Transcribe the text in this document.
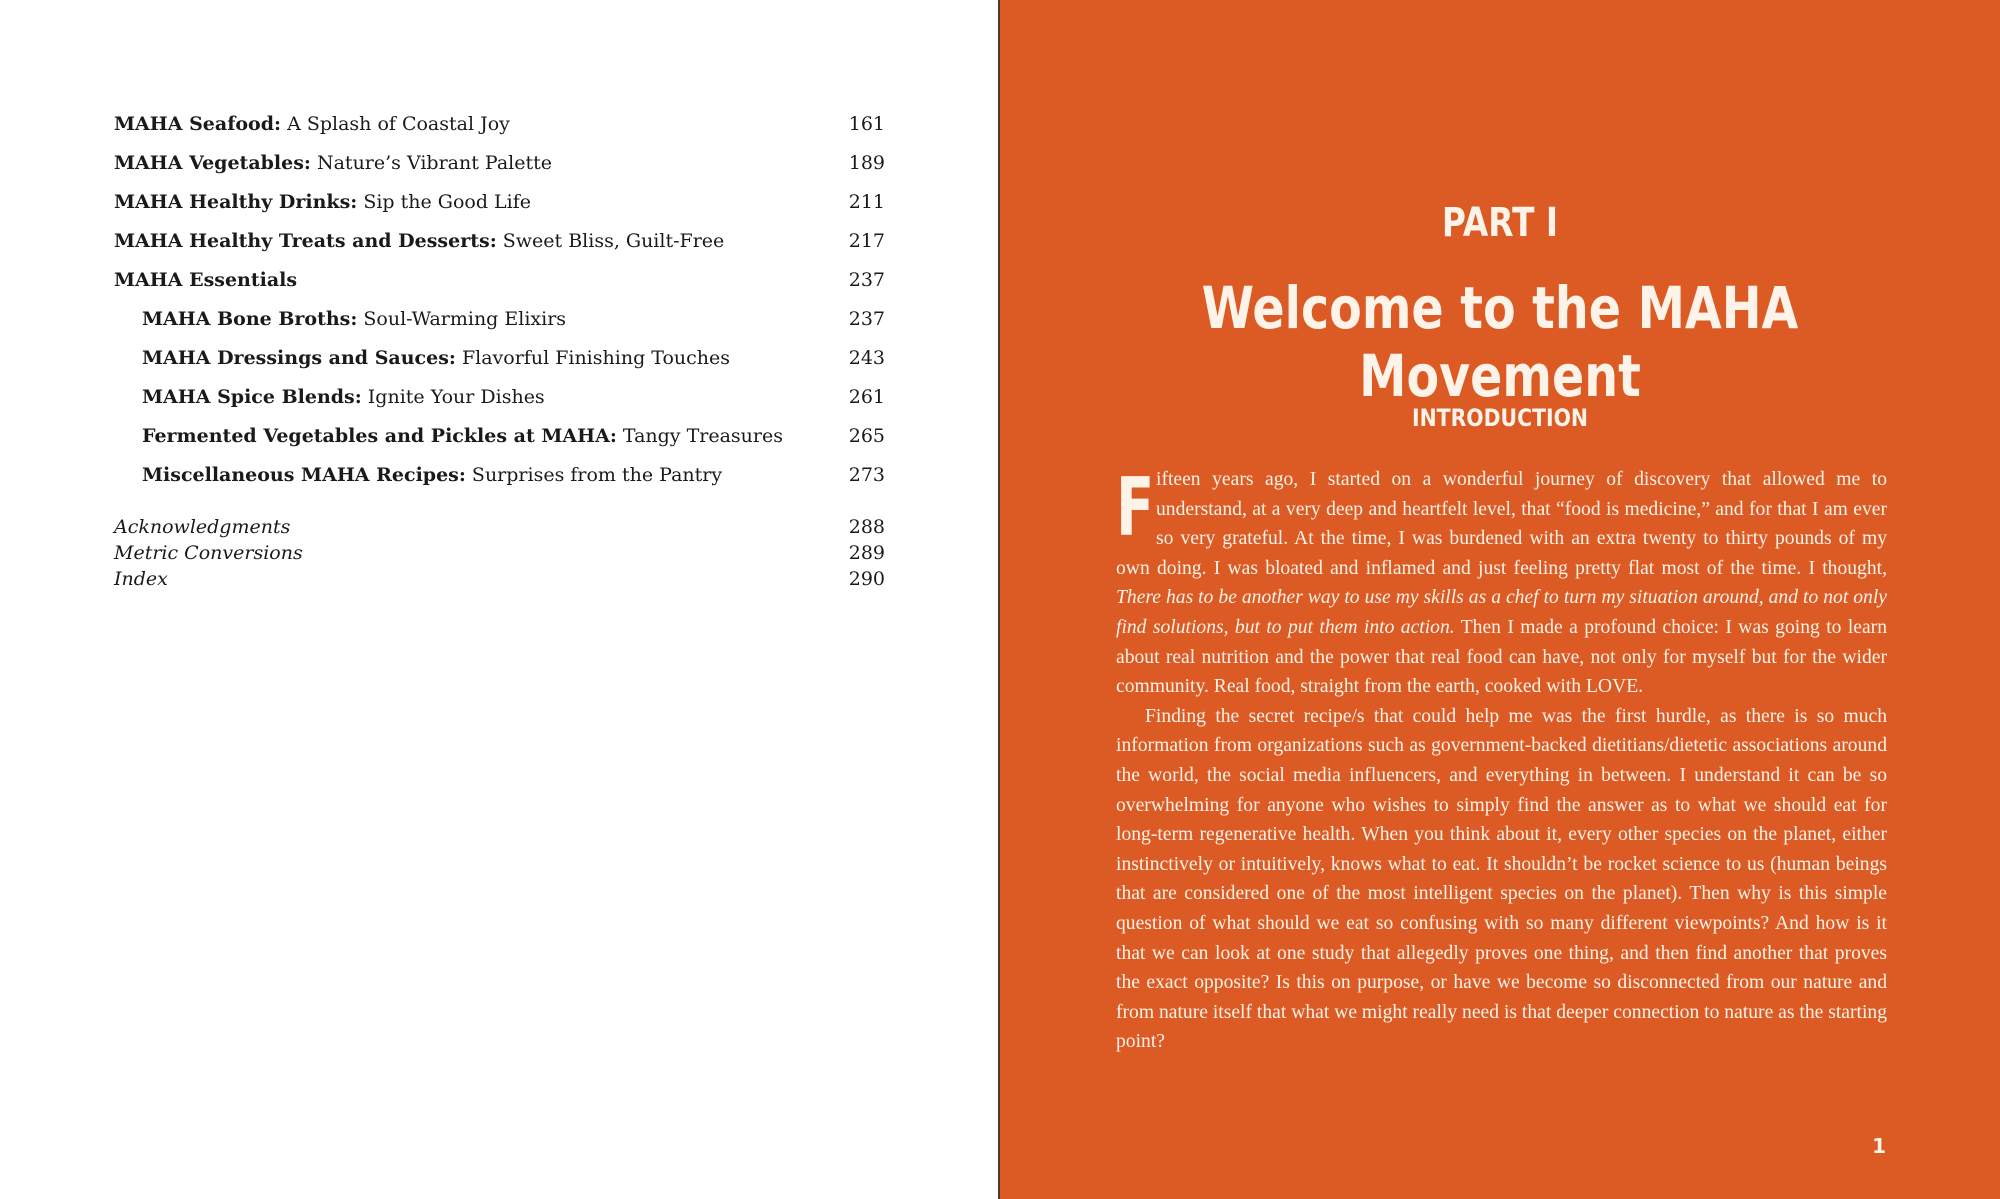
MAHA Seafood: A Splash of Coastal Joy	161
MAHA Vegetables: Nature’s Vibrant Palette	189
MAHA Healthy Drinks: Sip the Good Life	211
MAHA Healthy Treats and Desserts: Sweet Bliss, Guilt-Free	217
MAHA Essentials	237
MAHA Bone Broths: Soul-Warming Elixirs	237
MAHA Dressings and Sauces: Flavorful Finishing Touches	243
MAHA Spice Blends: Ignite Your Dishes	261
Fermented Vegetables and Pickles at MAHA: Tangy Treasures	265
Miscellaneous MAHA Recipes: Surprises from the Pantry	273
Acknowledgments	288
Metric Conversions	289
Index	290
PART I
Welcome to the MAHA Movement
INTRODUCTION

Fifteen years ago, I started on a wonderful journey of discovery that allowed me to understand, at a very deep and heartfelt level, that “food is medicine,” and for that I am ever so very grateful. At the time, I was burdened with an extra twenty to thirty pounds of my own doing. I was bloated and inflamed and just feeling pretty flat most of the time. I thought, There has to be another way to use my skills as a chef to turn my situation around, and to not only find solutions, but to put them into action. Then I made a profound choice: I was going to learn about real nutrition and the power that real food can have, not only for myself but for the wider community. Real food, straight from the earth, cooked with LOVE.

Finding the secret recipe/s that could help me was the first hurdle, as there is so much information from organizations such as government-backed dietitians/dietetic associations around the world, the social media influencers, and everything in between. I understand it can be so overwhelming for anyone who wishes to simply find the answer as to what we should eat for long-term regenerative health. When you think about it, every other species on the planet, either instinctively or intuitively, knows what to eat. It shouldn’t be rocket science to us (human beings that are considered one of the most intelligent species on the planet). Then why is this simple question of what should we eat so confusing with so many different viewpoints? And how is it that we can look at one study that allegedly proves one thing, and then find another that proves the exact opposite? Is this on purpose, or have we become so disconnected from our nature and from nature itself that what we might really need is that deeper connection to nature as the starting point?

1
